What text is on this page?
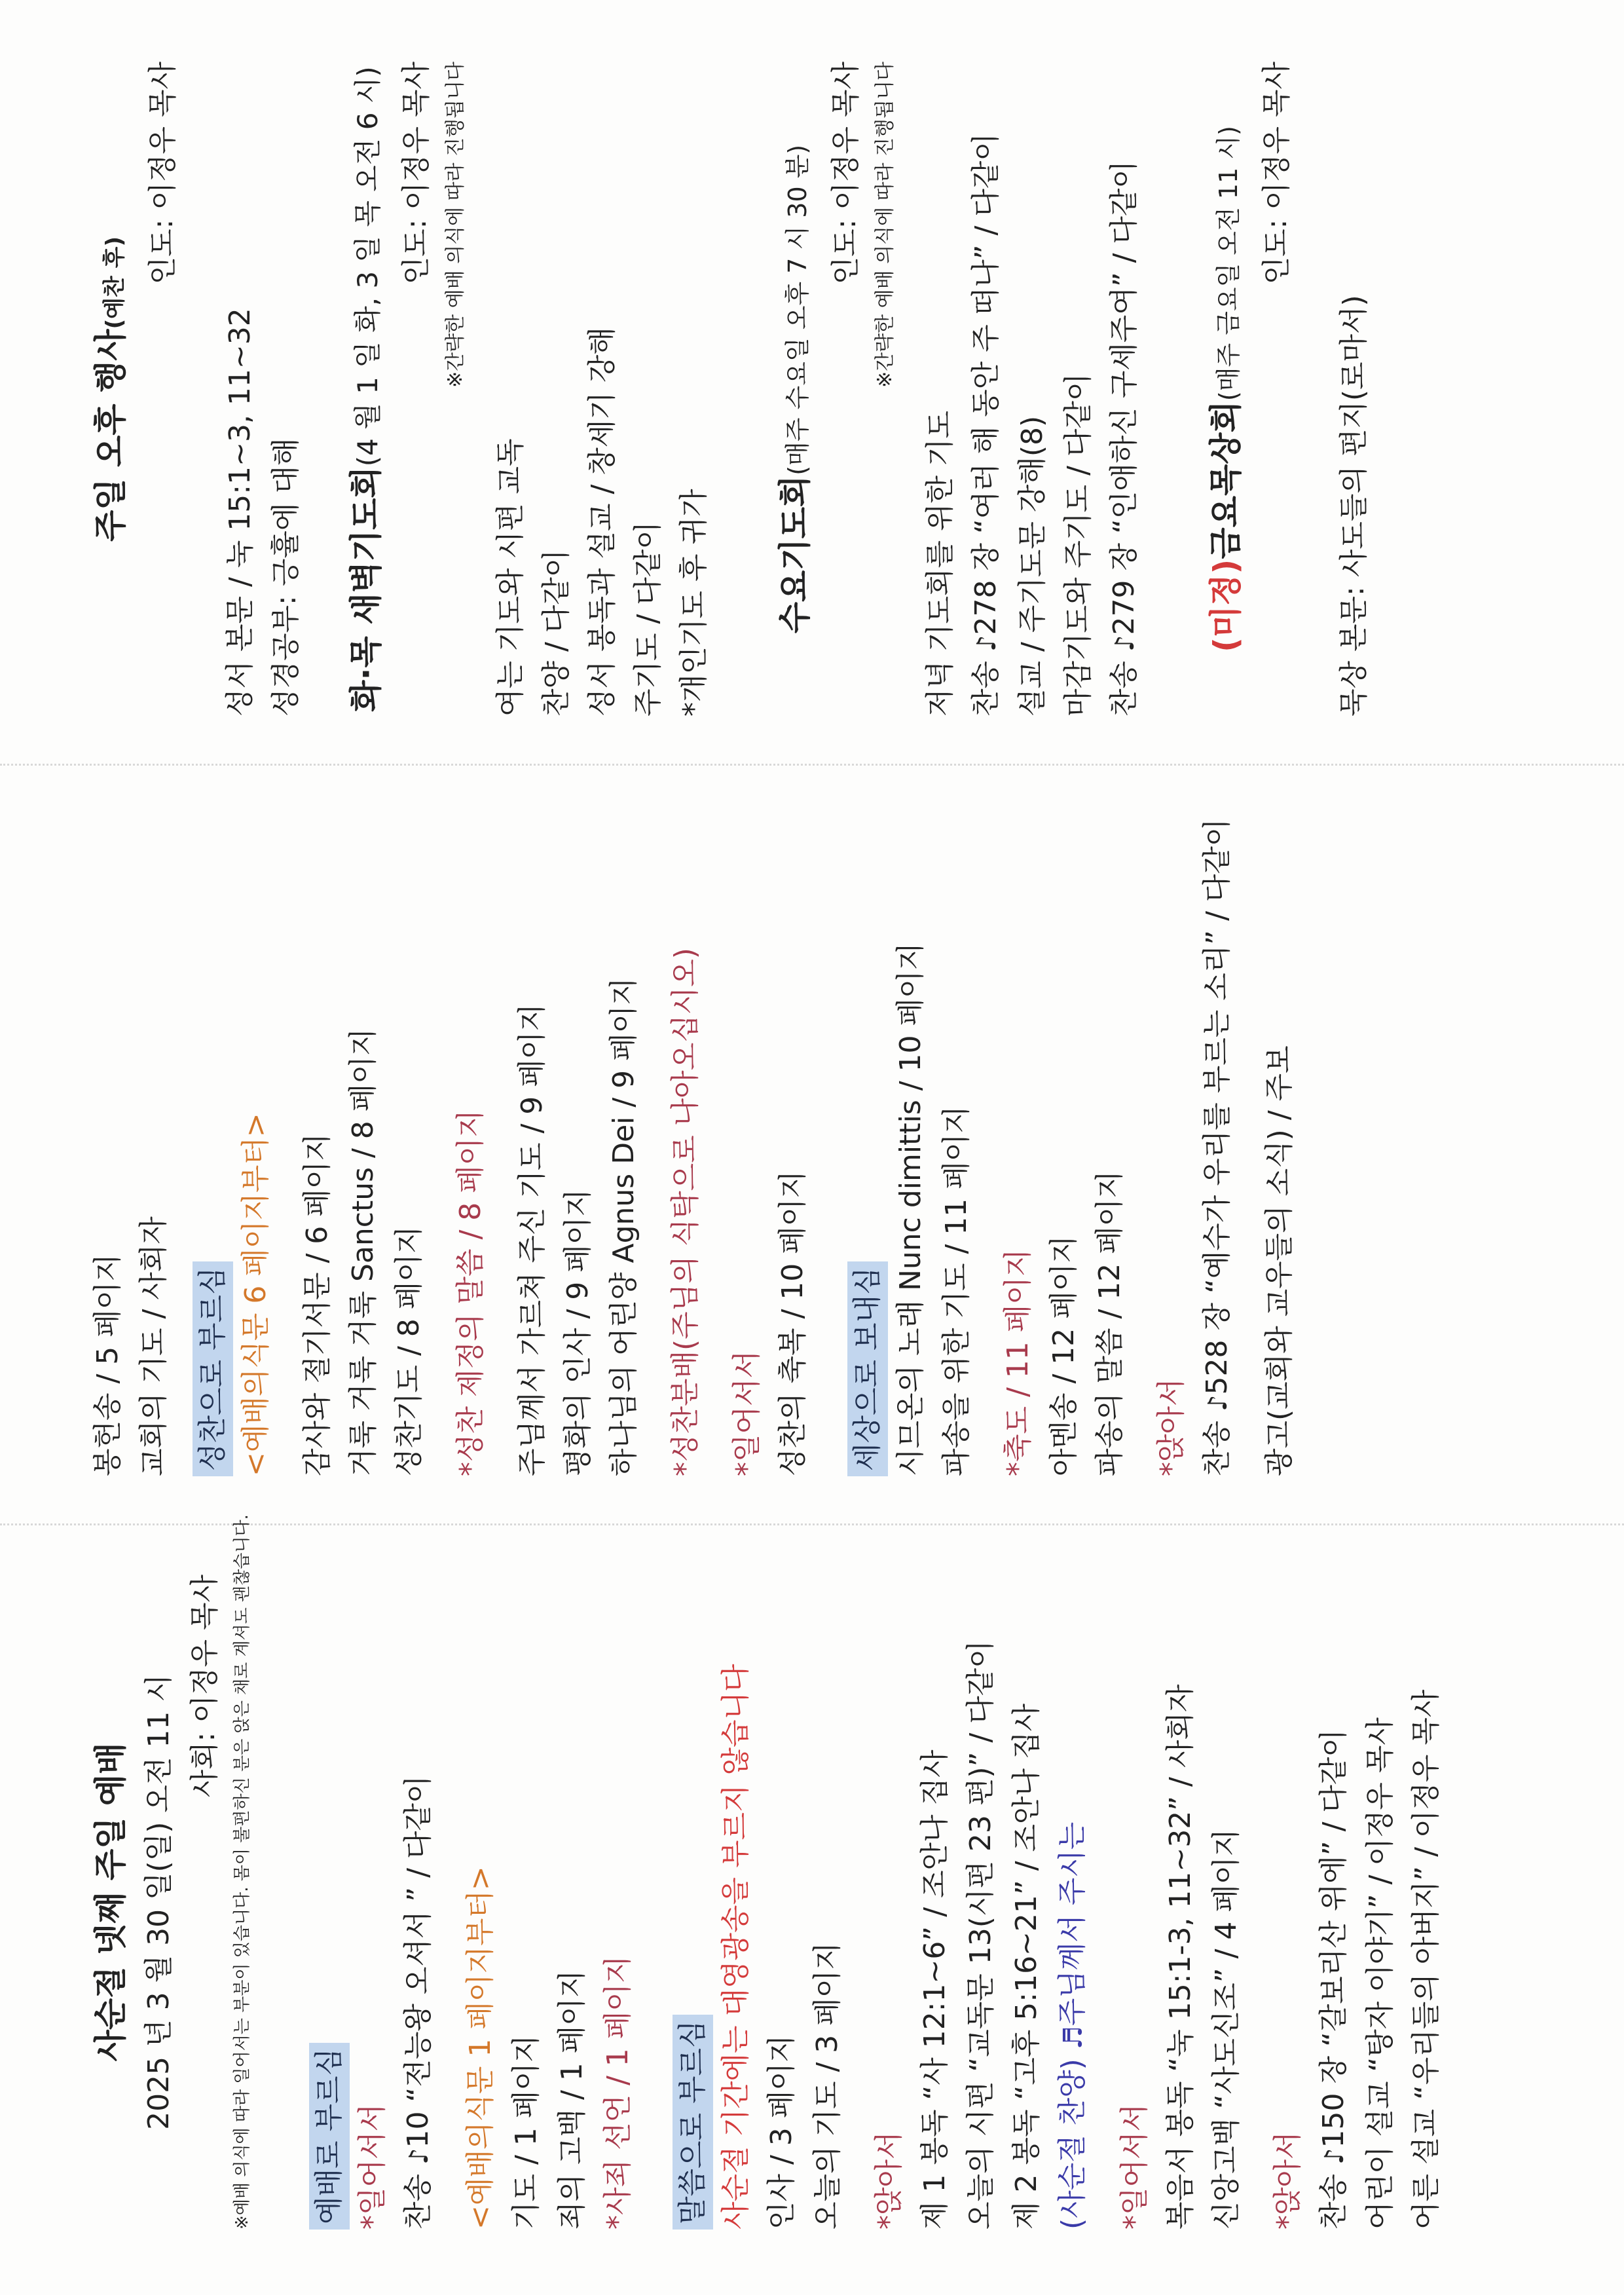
사순절 넷째 주일 예배 2025 년 3 월 30 일(일) 오전 11 시 사회: 이정우 목사 ※예배 의식에 따라 일어서는 부분이 있습니다. 몸이 불편하신 분은 앉은 채로 계셔도 괜찮습니다. 예배로 부르심 *일어서서 찬송 ♪10 “전능왕 오셔서 ” / 다같이 <예배의식문 1 페이지부터> 기도 / 1 페이지 죄의 고백 / 1 페이지 *사죄 선언 / 1 페이지 말씀으로 부르심 사순절 기간에는 대영광송을 부르지 않습니다 인사 / 3 페이지 오늘의 기도 / 3 페이지 *앉아서 제 1 봉독 “사 12:1~6” / 조안나 집사 오늘의 시편 “교독문 13(시편 23 편)” / 다같이 제 2 봉독 “고후 5:16~21” / 조안나 집사 (사순절 찬양) ♬주님께서 주시는
*일어서서 복음서 봉독 “눅 15:1-3, 11~32” / 사회자 신앙고백 “사도신조” / 4 페이지 *앉아서 찬송 ♪150 장 “갈보리산 위에” / 다같이 어린이 설교 “탕자 이야기” / 이정우 목사 어른 설교 “우리들의 아버지” / 이정우 목사
봉헌송 / 5 페이지 교회의 기도 / 사회자 성찬으로 부르심 <예배의식문 6 페이지부터> 감사와 절기서문 / 6 페이지 거룩 거룩 거룩 Sanctus / 8 페이지 성찬기도 / 8 페이지 *성찬 제정의 말씀 / 8 페이지 주님께서 가르쳐 주신 기도 / 9 페이지 평화의 인사 / 9 페이지 하나님의 어린양 Agnus Dei / 9 페이지 *성찬분배(주님의 식탁으로 나아오십시오) *일어서서 성찬의 축복 / 10 페이지 세상으로 보내심 시므온의 노래 Nunc dimittis / 10 페이지 파송을 위한 기도 / 11 페이지 *축도 / 11 페이지 아멘송 / 12 페이지 파송의 말씀 / 12 페이지 *앉아서 찬송 ♪528 장 “예수가 우리를 부르는 소리” / 다같이 광고(교회와 교우들의 소식) / 주보
주일 오후 행사(예찬 후) 인도: 이정우 목사
성서 본문 / 눅 15:1~3, 11~32 성경공부: 긍휼에 대해 화·목 새벽기도회(4 월 1 일 화, 3 일 목 오전 6 시) 인도: 이정우 목사 ※간략한 예배 의식에 따라 진행됩니다
여는 기도와 시편 교독 찬양 / 다같이 성서 봉독과 설교 / 창세기 강해 주기도 / 다같이 *개인기도 후 귀가 수요기도회(매주 수요일 오후 7 시 30 분) 인도: 이정우 목사 ※간략한 예배 의식에 따라 진행됩니다
저녁 기도회를 위한 기도 찬송 ♪278 장 “여러 해 동안 주 떠나” / 다같이 설교 / 주기도문 강해(8) 마감기도와 주기도 / 다같이 찬송 ♪279 장 “인애하신 구세주여” / 다같이 (미정)금요목상회(매주 금요일 오전 11 시) 인도: 이정우 목사
묵상 본문: 사도들의 편지(로마서)
